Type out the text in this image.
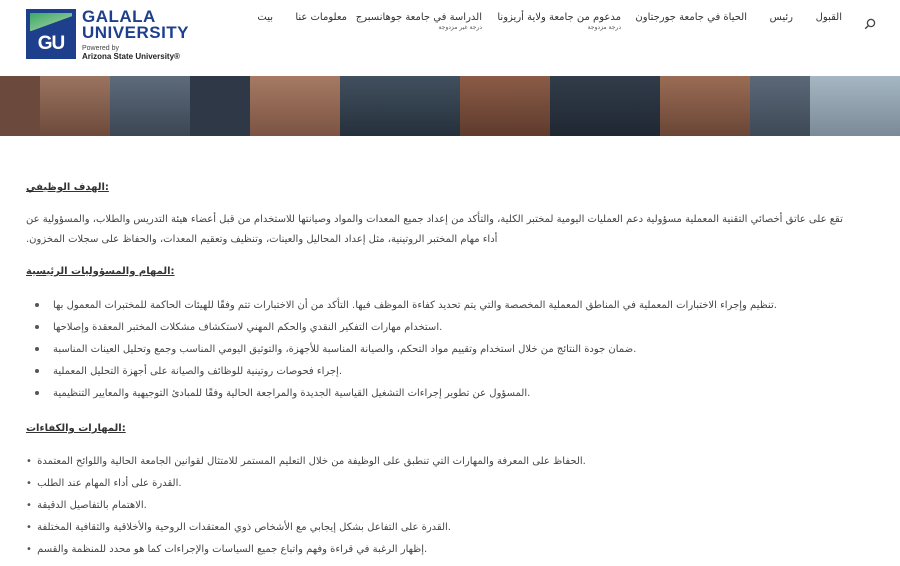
GU
GALALA
UNIVERSITY
Powered by
Arizona State University®
القبول
رئيس
الحياة في جامعة جورجتاون
مدعوم من جامعة ولاية أريزونا
درجة مزدوجة
الدراسة في جامعة جوهانسبرج
درجة غير مزدوجة
معلومات عنا
بيت
:الهدف الوظيفي
تقع على عاتق أخصائي التقنية المعملية مسؤولية دعم العمليات اليومية لمختبر الكلية، والتأكد من إعداد جميع المعدات والمواد وصيانتها للاستخدام من قبل أعضاء هيئة التدريس والطلاب، والمسؤولية عن أداء مهام المختبر الروتينية، مثل إعداد المحاليل والعينات، وتنظيف وتعقيم المعدات، والحفاظ على سجلات المخزون.
:المهام والمسؤوليات الرئيسية
.تنظيم وإجراء الاختبارات المعملية في المناطق المعملية المخصصة والتي يتم تحديد كفاءة الموظف فيها. التأكد من أن الاختبارات تتم وفقًا للهيئات الحاكمة للمختبرات المعمول بها
.استخدام مهارات التفكير النقدي والحكم المهني لاستكشاف مشكلات المختبر المعقدة وإصلاحها
.ضمان جودة النتائج من خلال استخدام وتقييم مواد التحكم، والصيانة المناسبة للأجهزة، والتوثيق اليومي المناسب وجمع وتحليل العينات المناسبة
.إجراء فحوصات روتينية للوظائف والصيانة على أجهزة التحليل المعملية
.المسؤول عن تطوير إجراءات التشغيل القياسية الجديدة والمراجعة الحالية وفقًا للمبادئ التوجيهية والمعايير التنظيمية
:المهارات والكفاءات
• .الحفاظ على المعرفة والمهارات التي تنطبق على الوظيفة من خلال التعليم المستمر للامتثال لقوانين الجامعة الحالية واللوائح المعتمدة
• .القدرة على أداء المهام عند الطلب
• .الاهتمام بالتفاصيل الدقيقة
• .القدرة على التفاعل بشكل إيجابي مع الأشخاص ذوي المعتقدات الروحية والأخلاقية والثقافية المختلفة
• .إظهار الرغبة في قراءة وفهم واتباع جميع السياسات والإجراءات كما هو محدد للمنظمة والقسم
